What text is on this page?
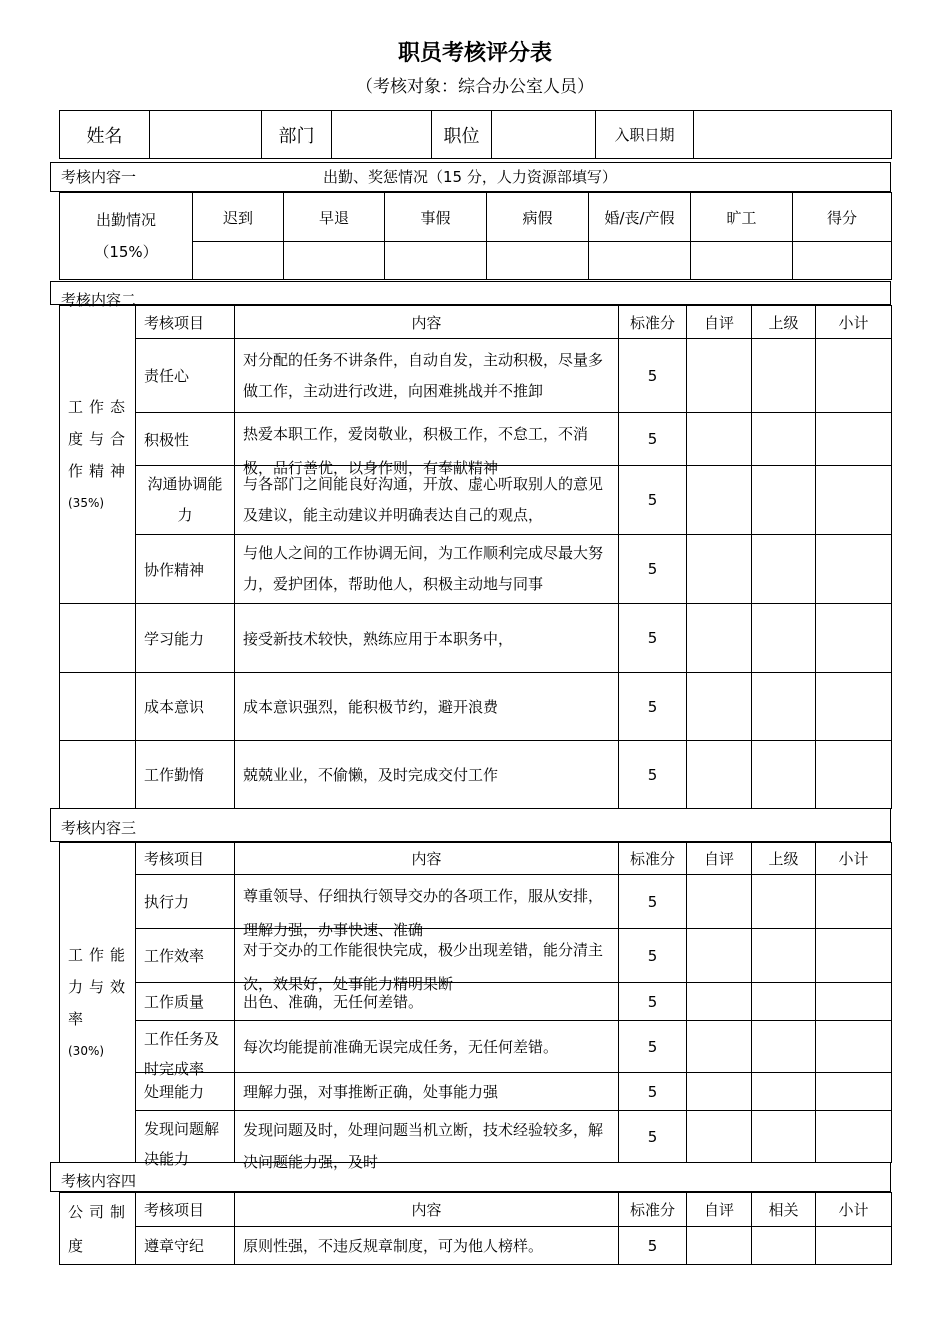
职员考核评分表
（考核对象：综合办公室人员）
姓名		部门		职位		入职日期	
考核内容一	出勤、奖惩情况（15 分，人力资源部填写）
出勤情况
（15%）	迟到	早退	事假	病假	婚/丧/产假	旷工	得分

考核内容二
工作态度与合作精神
(35%)	考核项目	内容	标准分	自评	上级	小计
	责任心	对分配的任务不讲条件，自动自发，主动积极，尽量多做工作，主动进行改进，向困难挑战并不推卸	5			
	积极性	热爱本职工作，爱岗敬业，积极工作，不怠工，不消极，品行善优，以身作则，有奉献精神	5			
	沟通协调能力	与各部门之间能良好沟通，开放、虚心听取别人的意见及建议，能主动建议并明确表达自己的观点，	5			
	协作精神	与他人之间的工作协调无间，为工作顺利完成尽最大努力，爱护团体，帮助他人，积极主动地与同事	5			
	学习能力	接受新技术较快，熟练应用于本职务中，	5			
	成本意识	成本意识强烈，能积极节约，避开浪费	5			
	工作勤惰	兢兢业业，不偷懒，及时完成交付工作	5			
考核内容三
工作能力与效率
(30%)	考核项目	内容	标准分	自评	上级	小计
	执行力	尊重领导、仔细执行领导交办的各项工作，服从安排，理解力强，办事快速、准确	5			
	工作效率	对于交办的工作能很快完成，极少出现差错，能分清主次，效果好，处事能力精明果断	5			
	工作质量	出色、准确，无任何差错。	5			

	工作任务及时完成率	每次均能提前准确无误完成任务，无任何差错。	5			
	处理能力	理解力强，对事推断正确，处事能力强	5			

	发现问题解决能力	发现问题及时，处理问题当机立断，技术经验较多，解决问题能力强，及时	5			
考核内容四
公司制度	考核项目	内容	标准分	自评	相关	小计
	遵章守纪	原则性强，不违反规章制度，可为他人榜样。	5			
